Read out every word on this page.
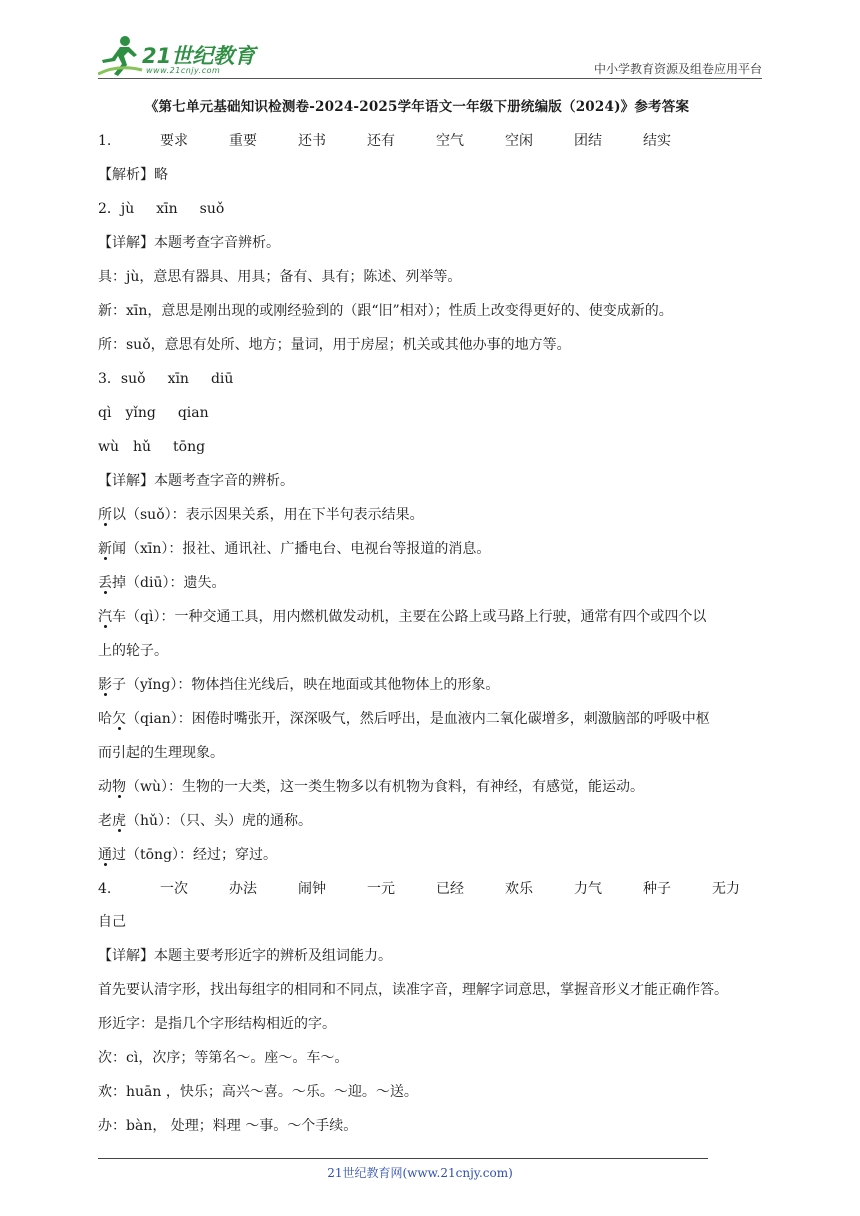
21世纪教育
www.21cnjy.com	中小学教育资源及组卷应用平台
《第七单元基础知识检测卷-2024-2025学年语文一年级下册统编版（2024)》参考答案
1.	要求	重要	还书	还有	空气	空闲	团结	结实
【解析】略
2．jù xīn suǒ
【详解】本题考查字音辨析。
具：jù，意思有器具、用具；备有、具有；陈述、列举等。
新：xīn，意思是刚出现的或刚经验到的（跟“旧”相对）；性质上改变得更好的、使变成新的。
所：suǒ，意思有处所、地方；量词，用于房屋；机关或其他办事的地方等。
3．suǒ xīn diū
qì yǐng qian
wù hǔ tōng
【详解】本题考查字音的辨析。
所以（suǒ）：表示因果关系，用在下半句表示结果。
新闻（xīn）：报社、通讯社、广播电台、电视台等报道的消息。
丢掉（diū）：遗失。
汽车（qì）：一种交通工具，用内燃机做发动机，主要在公路上或马路上行驶，通常有四个或四个以
上的轮子。
影子（yǐng）：物体挡住光线后，映在地面或其他物体上的形象。
哈欠（qian）：困倦时嘴张开，深深吸气，然后呼出，是血液内二氧化碳增多，刺激脑部的呼吸中枢
而引起的生理现象。
动物（wù）：生物的一大类，这一类生物多以有机物为食料，有神经，有感觉，能运动。
老虎（hǔ）：（只、头）虎的通称。
通过（tōng）：经过；穿过。
4.	一次	办法	闹钟	一元	已经	欢乐	力气	种子	无力
自己
【详解】本题主要考形近字的辨析及组词能力。
首先要认清字形，找出每组字的相同和不同点，读准字音，理解字词意思，掌握音形义才能正确作答。
形近字：是指几个字形结构相近的字。
次：cì，次序；等第名～。座～。车～。
欢：huān ，快乐；高兴～喜。～乐。～迎。～送。
办：bàn， 处理；料理 ～事。～个手续。
21世纪教育网(www.21cnjy.com)
